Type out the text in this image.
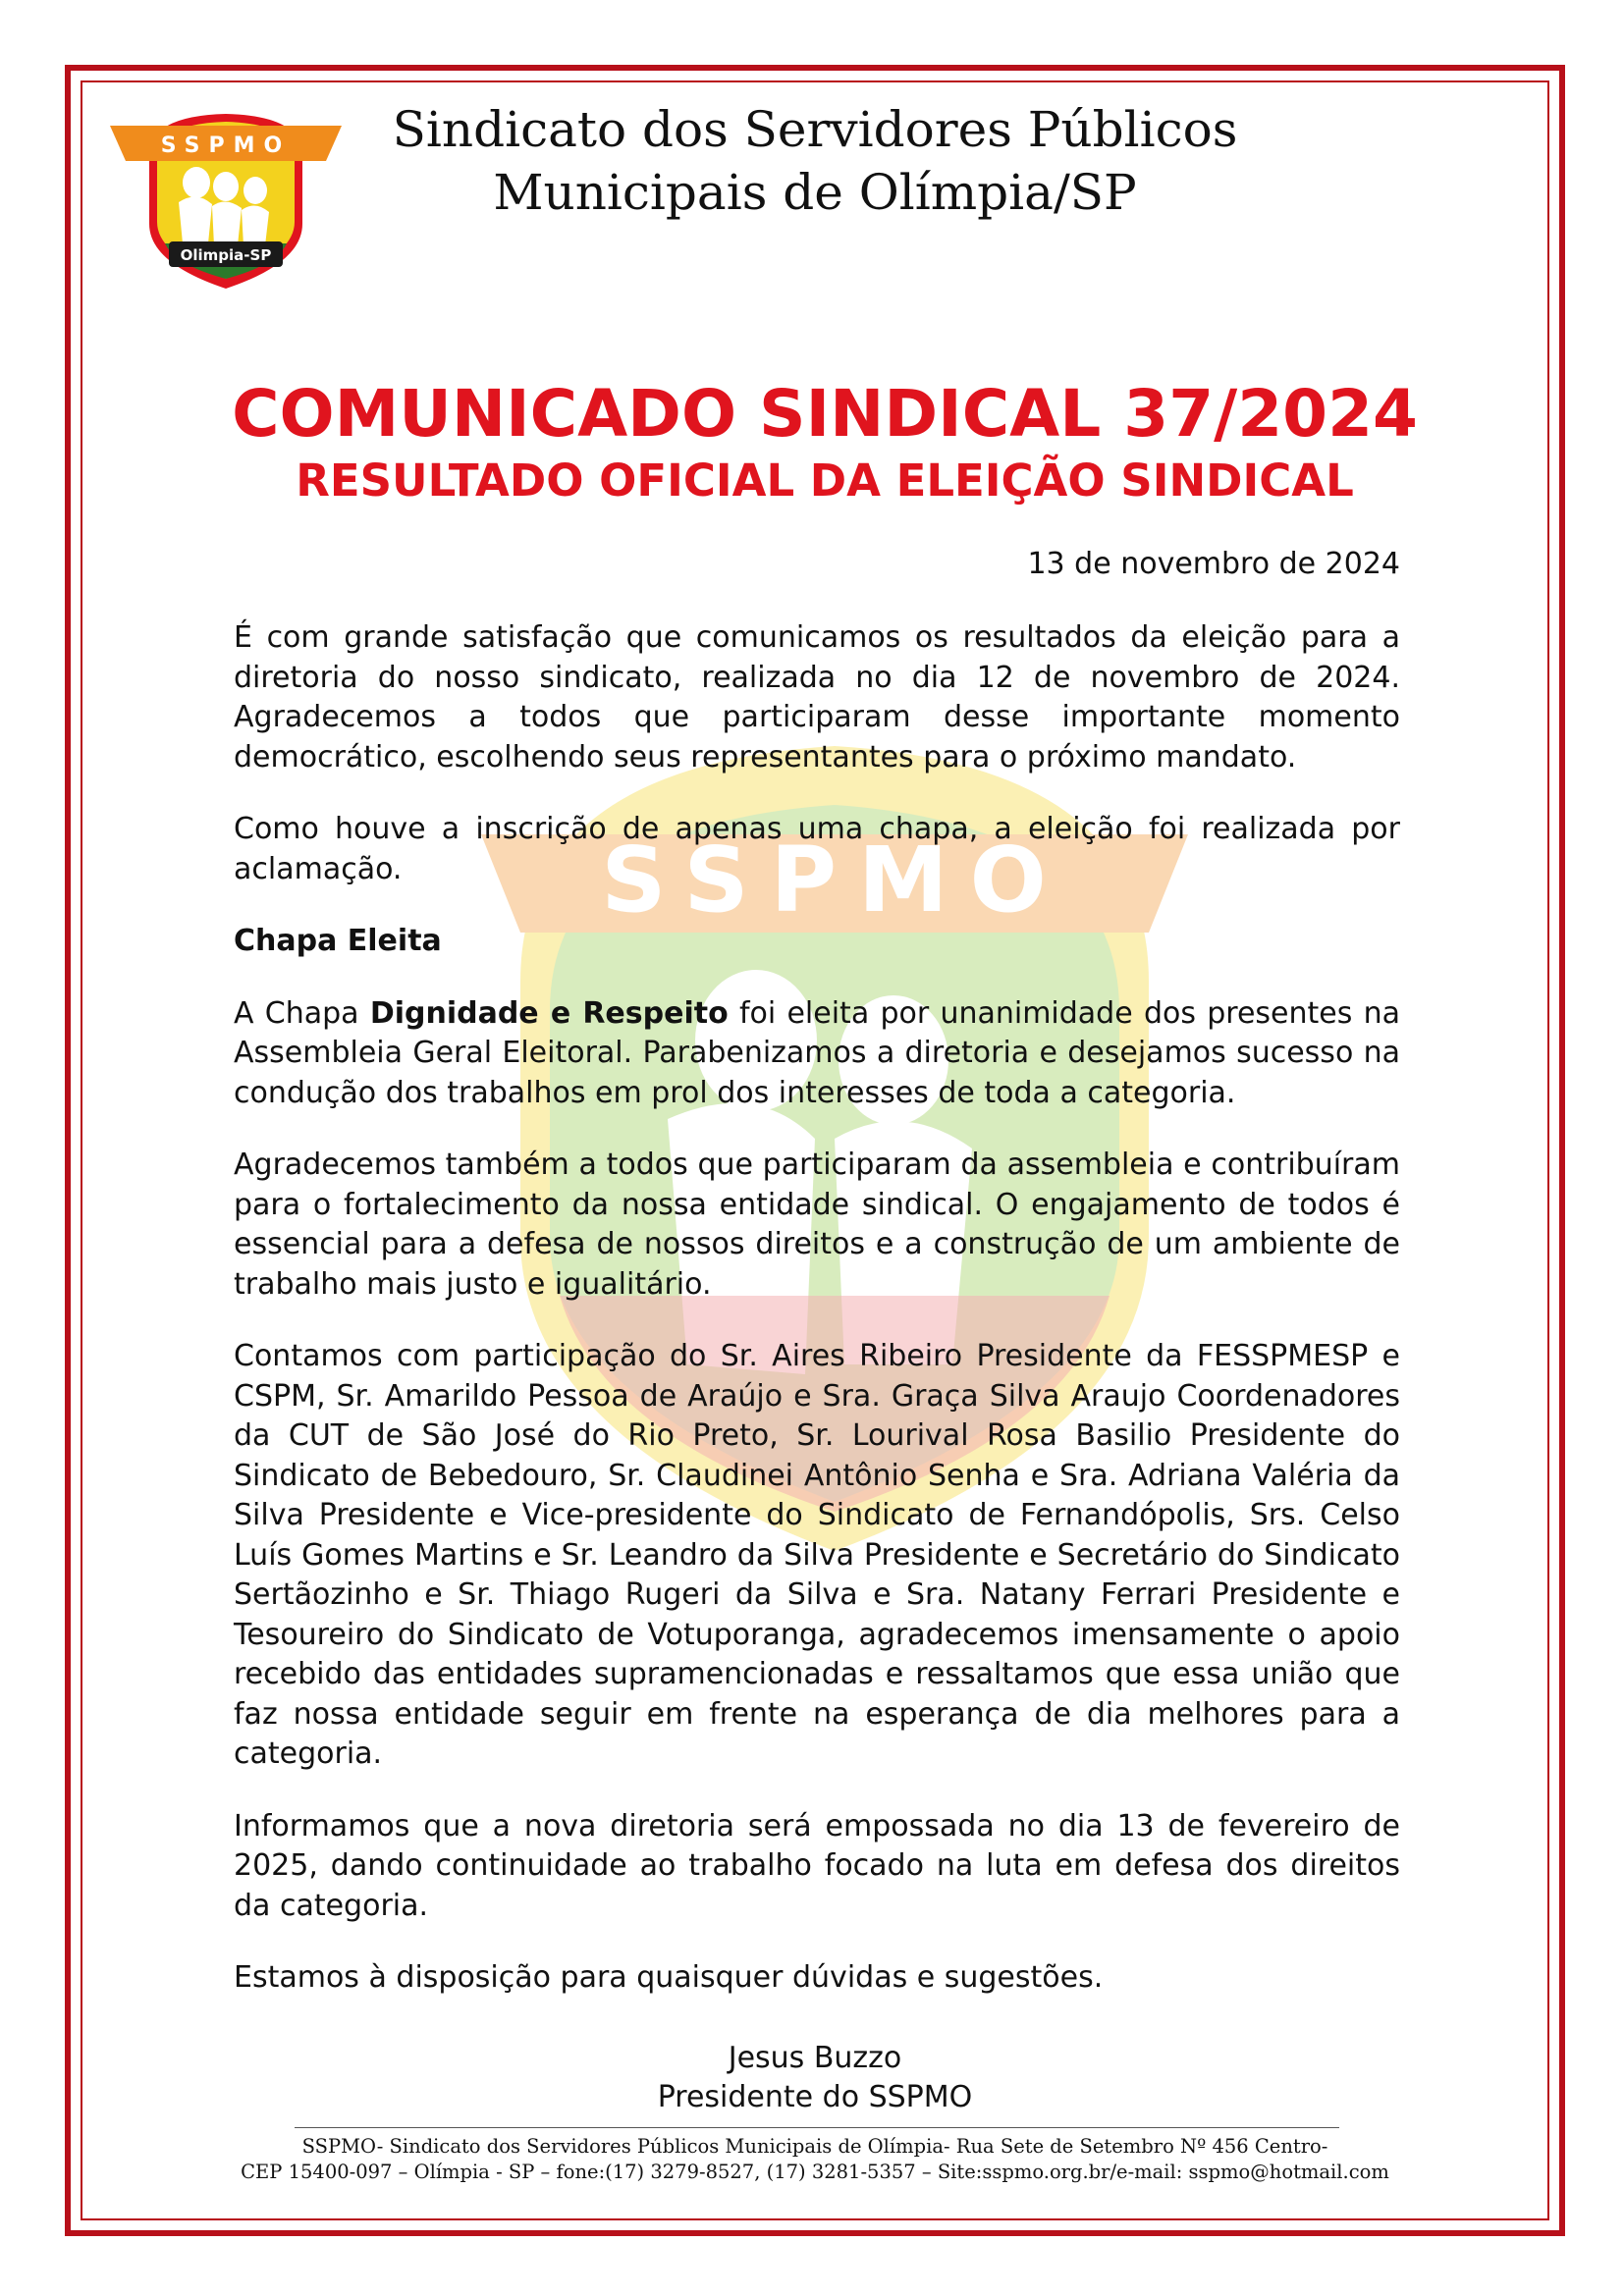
SSPMO
SSPMO
Olimpia-SP
Sindicato dos Servidores Públicos
Municipais de Olímpia/SP
COMUNICADO SINDICAL 37/2024
RESULTADO OFICIAL DA ELEIÇÃO SINDICAL
13 de novembro de 2024

É com grande satisfação que comunicamos os resultados da eleição para a diretoria do nosso sindicato, realizada no dia 12 de novembro de 2024. Agradecemos a todos que participaram desse importante momento democrático, escolhendo seus representantes para o próximo mandato.

Como houve a inscrição de apenas uma chapa, a eleição foi realizada por aclamação.

Chapa Eleita

A Chapa Dignidade e Respeito foi eleita por unanimidade dos presentes na Assembleia Geral Eleitoral. Parabenizamos a diretoria e desejamos sucesso na condução dos trabalhos em prol dos interesses de toda a categoria.

Agradecemos também a todos que participaram da assembleia e contribuíram para o fortalecimento da nossa entidade sindical. O engajamento de todos é essencial para a defesa de nossos direitos e a construção de um ambiente de trabalho mais justo e igualitário.

Contamos com participação do Sr. Aires Ribeiro Presidente da FESSPMESP e CSPM, Sr. Amarildo Pessoa de Araújo e Sra. Graça Silva Araujo Coordenadores da CUT de São José do Rio Preto, Sr. Lourival Rosa Basilio Presidente do Sindicato de Bebedouro, Sr. Claudinei Antônio Senha e Sra. Adriana Valéria da Silva Presidente e Vice-presidente do Sindicato de Fernandópolis, Srs. Celso Luís Gomes Martins e Sr. Leandro da Silva Presidente e Secretário do Sindicato Sertãozinho e Sr. Thiago Rugeri da Silva e Sra. Natany Ferrari Presidente e Tesoureiro do Sindicato de Votuporanga, agradecemos imensamente o apoio recebido das entidades supramencionadas e ressaltamos que essa união que faz nossa entidade seguir em frente na esperança de dia melhores para a categoria.

Informamos que a nova diretoria será empossada no dia 13 de fevereiro de 2025, dando continuidade ao trabalho focado na luta em defesa dos direitos da categoria.

Estamos à disposição para quaisquer dúvidas e sugestões.

Jesus Buzzo
Presidente do SSPMO
SSPMO- Sindicato dos Servidores Públicos Municipais de Olímpia- Rua Sete de Setembro Nº 456 Centro-
CEP 15400-097 – Olímpia - SP – fone:(17) 3279-8527, (17) 3281-5357 – Site:sspmo.org.br/e-mail: sspmo@hotmail.com
